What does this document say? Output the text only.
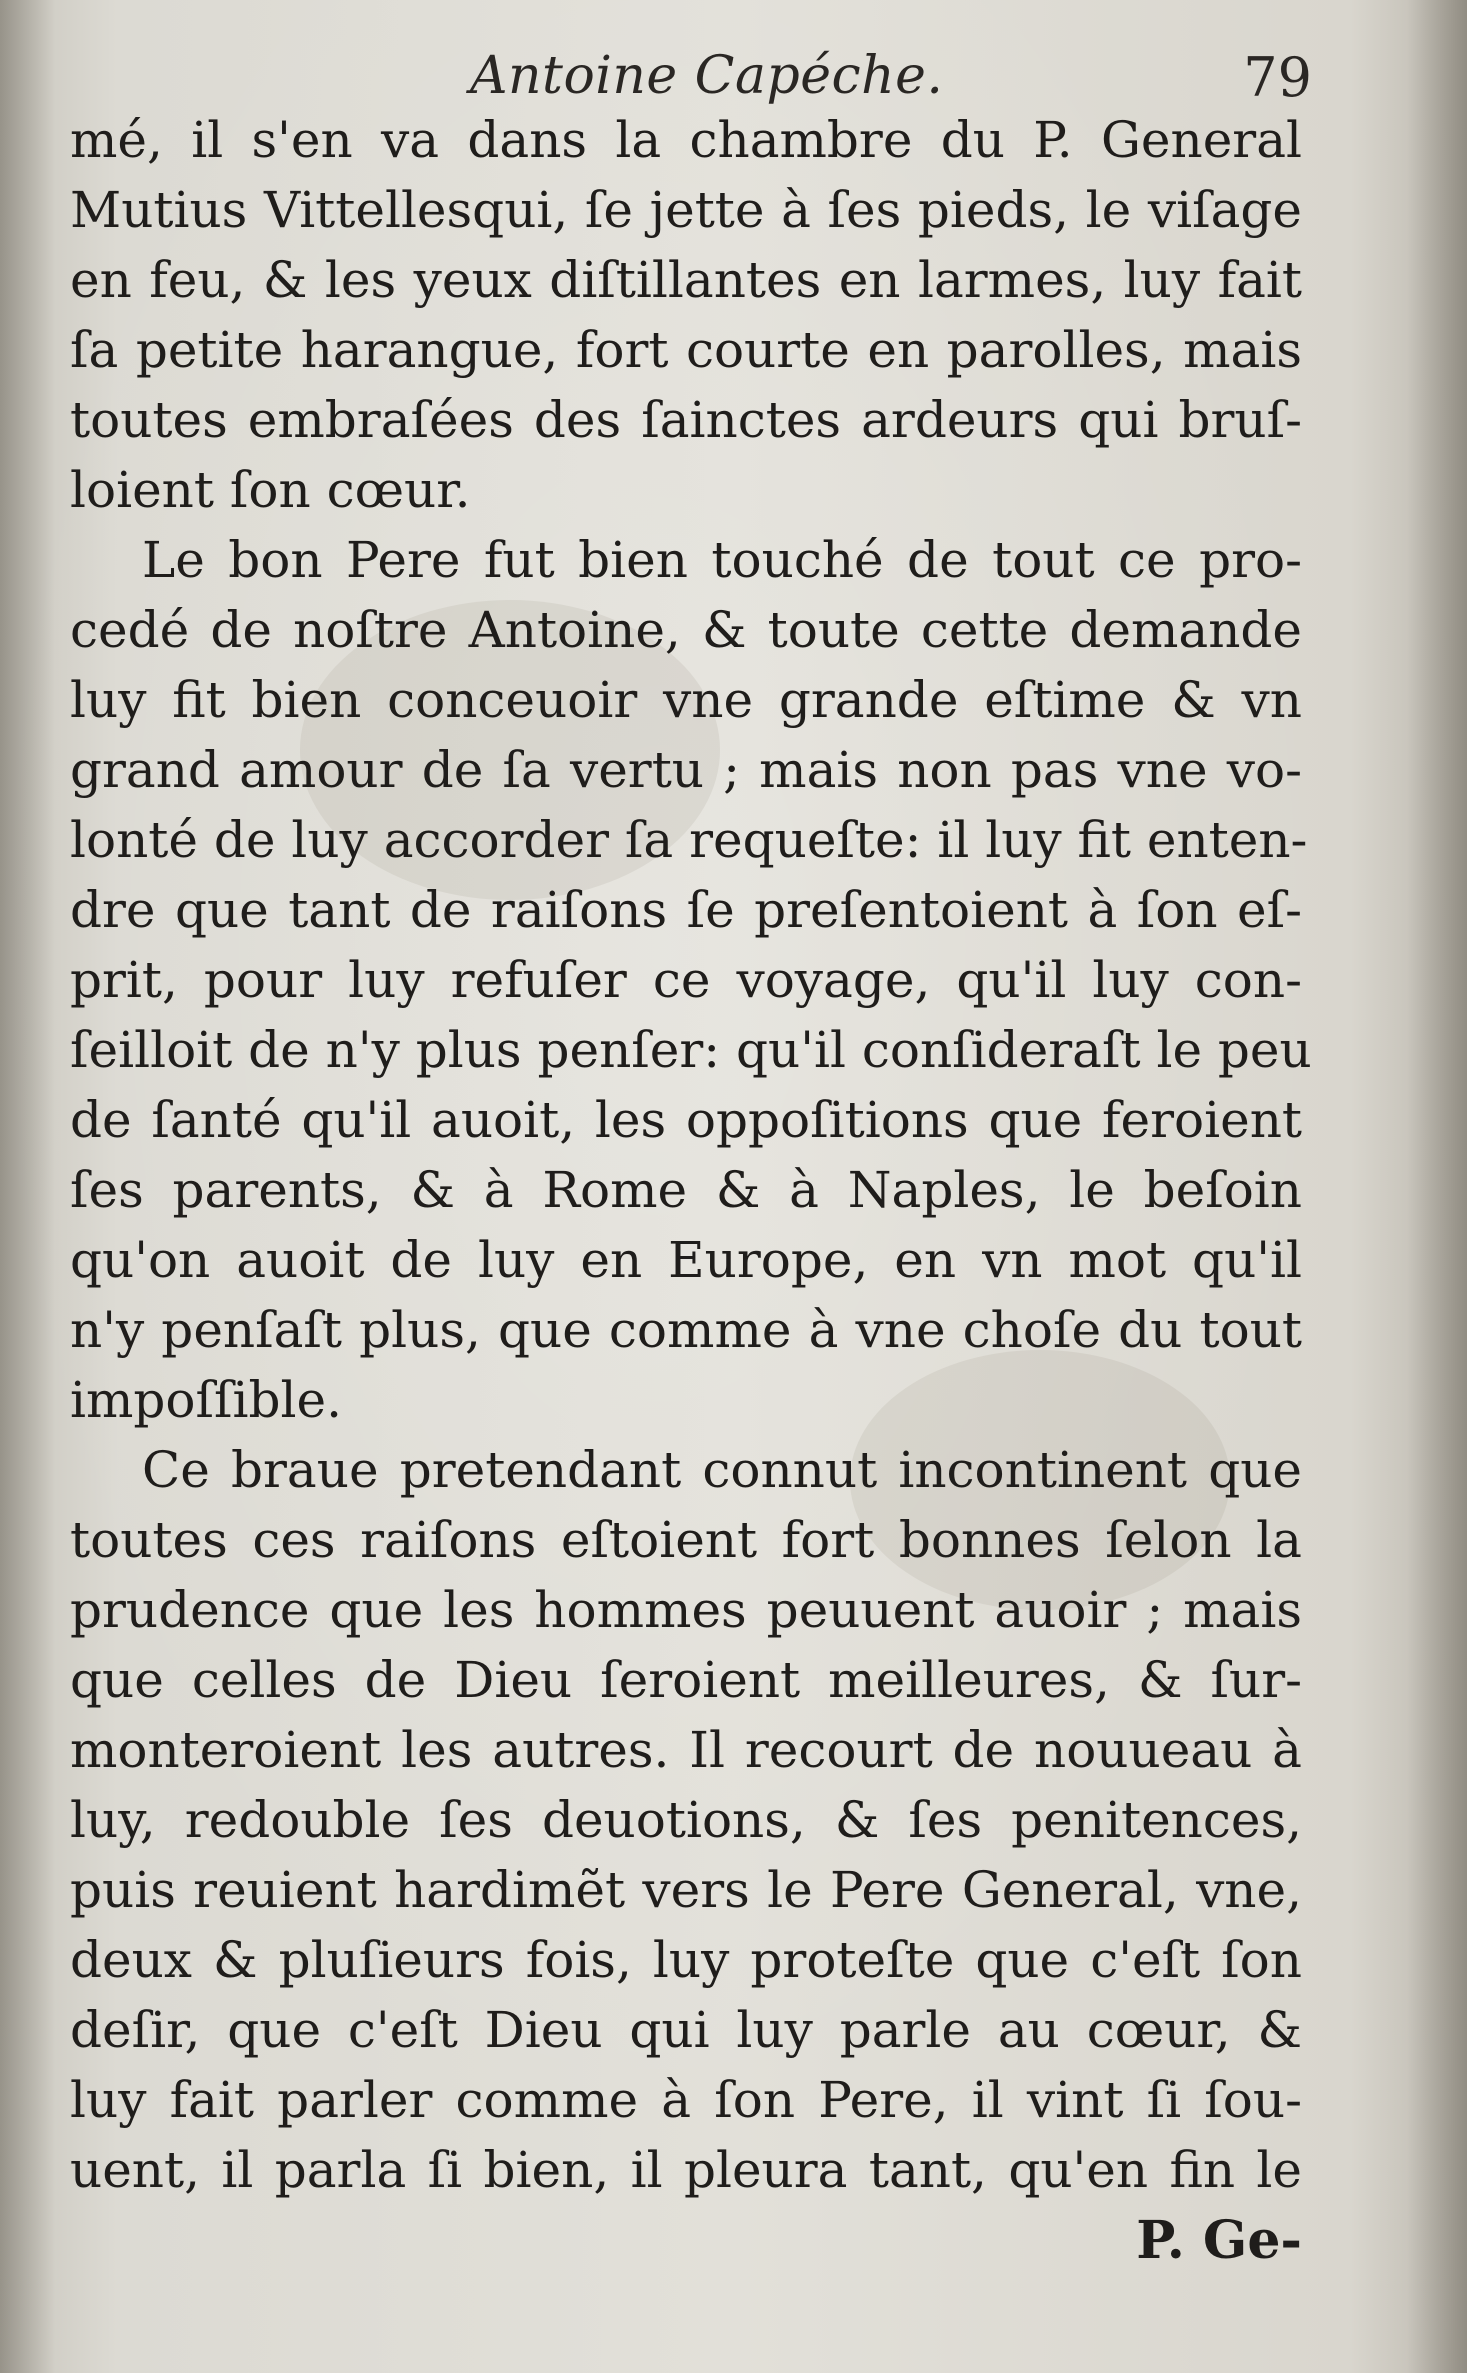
Antoine Capéche.	79
mé, il s'en va dans la chambre du P. General
Mutius Vittellesqui, ſe jette à ſes pieds, le viſage
en feu, & les yeux diſtillantes en larmes, luy fait
ſa petite harangue, fort courte en parolles, mais
toutes embraſées des ſainctes ardeurs qui bruſ-
loient ſon cœur.
Le bon Pere fut bien touché de tout ce pro-
cedé de noſtre Antoine, & toute cette demande
luy fit bien conceuoir vne grande eſtime & vn
grand amour de ſa vertu ; mais non pas vne vo-
lonté de luy accorder ſa requeſte: il luy fit enten-
dre que tant de raiſons ſe preſentoient à ſon eſ-
prit, pour luy refuſer ce voyage, qu'il luy con-
ſeilloit de n'y plus penſer: qu'il conſideraſt le peu
de ſanté qu'il auoit, les oppoſitions que feroient
ſes parents, & à Rome & à Naples, le beſoin
qu'on auoit de luy en Europe, en vn mot qu'il
n'y penſaſt plus, que comme à vne choſe du tout
impoſſible.
Ce braue pretendant connut incontinent que
toutes ces raiſons eſtoient fort bonnes ſelon la
prudence que les hommes peuuent auoir ; mais
que celles de Dieu ſeroient meilleures, & ſur-
monteroient les autres. Il recourt de nouueau à
luy, redouble ſes deuotions, & ſes penitences,
puis reuient hardimẽt vers le Pere General, vne,
deux & pluſieurs fois, luy proteſte que c'eſt ſon
deſir, que c'eſt Dieu qui luy parle au cœur, &
luy fait parler comme à ſon Pere, il vint ſi ſou-
uent, il parla ſi bien, il pleura tant, qu'en fin le
P. Ge-
